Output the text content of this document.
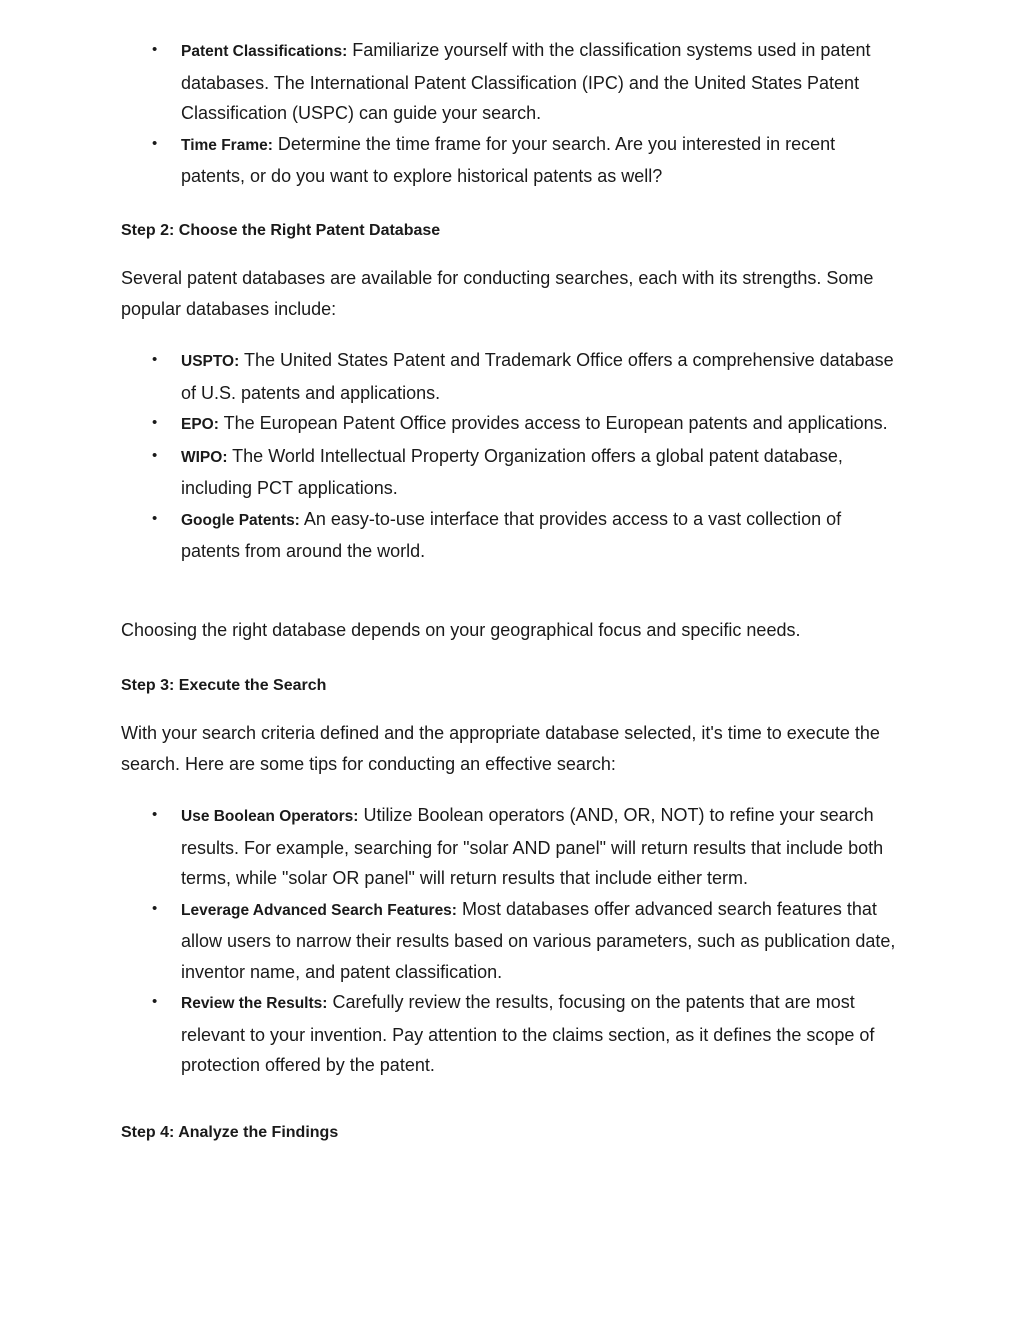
• Patent Classifications: Familiarize yourself with the classification systems used in patent databases. The International Patent Classification (IPC) and the United States Patent Classification (USPC) can guide your search.
• Time Frame: Determine the time frame for your search. Are you interested in recent patents, or do you want to explore historical patents as well?
Step 2: Choose the Right Patent Database
Several patent databases are available for conducting searches, each with its strengths. Some popular databases include:
• USPTO: The United States Patent and Trademark Office offers a comprehensive database of U.S. patents and applications.
• EPO: The European Patent Office provides access to European patents and applications.
• WIPO: The World Intellectual Property Organization offers a global patent database, including PCT applications.
• Google Patents: An easy-to-use interface that provides access to a vast collection of patents from around the world.
Choosing the right database depends on your geographical focus and specific needs.
Step 3: Execute the Search
With your search criteria defined and the appropriate database selected, it's time to execute the search. Here are some tips for conducting an effective search:
• Use Boolean Operators: Utilize Boolean operators (AND, OR, NOT) to refine your search results. For example, searching for "solar AND panel" will return results that include both terms, while "solar OR panel" will return results that include either term.
• Leverage Advanced Search Features: Most databases offer advanced search features that allow users to narrow their results based on various parameters, such as publication date, inventor name, and patent classification.
• Review the Results: Carefully review the results, focusing on the patents that are most relevant to your invention. Pay attention to the claims section, as it defines the scope of protection offered by the patent.
Step 4: Analyze the Findings
